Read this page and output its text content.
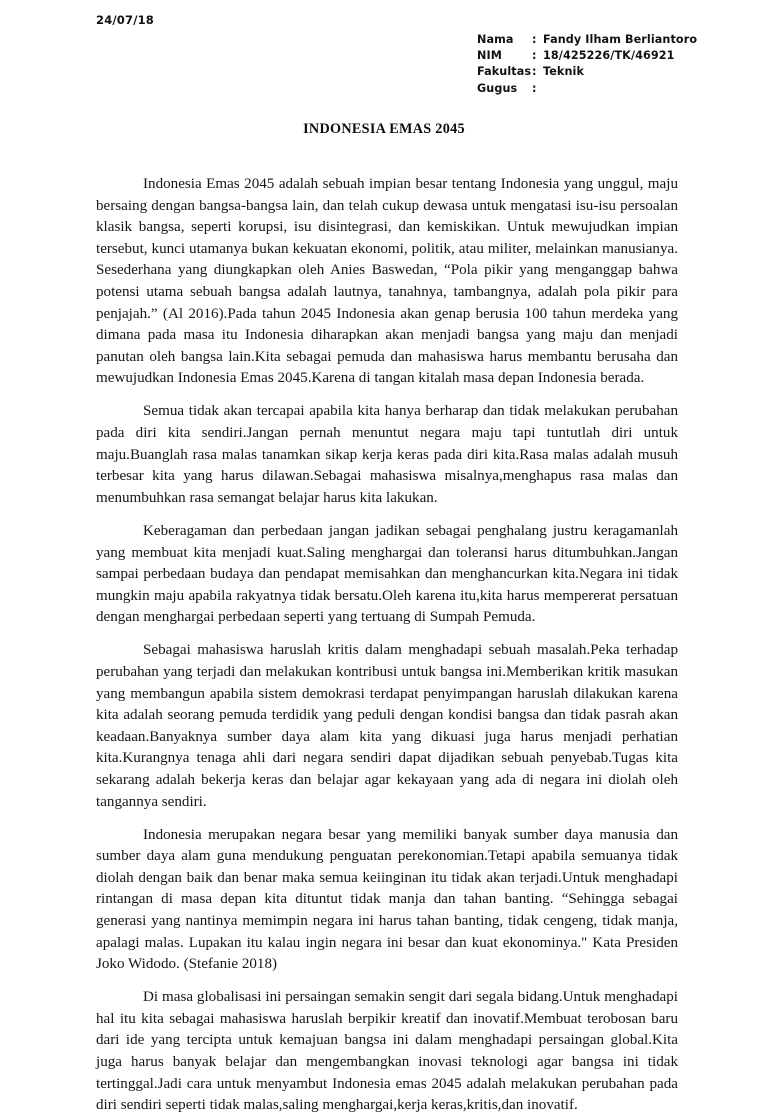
24/07/18
Nama	: Fandy Ilham Berliantoro
NIM	: 18/425226/TK/46921
Fakultas : Teknik
Gugus	:
INDONESIA EMAS 2045

Indonesia Emas 2045 adalah sebuah impian besar tentang Indonesia yang unggul, maju bersaing dengan bangsa-bangsa lain, dan telah cukup dewasa untuk mengatasi isu-isu persoalan klasik bangsa, seperti korupsi, isu disintegrasi, dan kemiskikan. Untuk mewujudkan impian tersebut, kunci utamanya bukan kekuatan ekonomi, politik, atau militer, melainkan manusianya. Sesederhana yang diungkapkan oleh Anies Baswedan, “Pola pikir yang menganggap bahwa potensi utama sebuah bangsa adalah lautnya, tanahnya, tambangnya, adalah pola pikir para penjajah.” (Al 2016).Pada tahun 2045 Indonesia akan genap berusia 100 tahun merdeka yang dimana pada masa itu Indonesia diharapkan akan menjadi bangsa yang maju dan menjadi panutan oleh bangsa lain.Kita sebagai pemuda dan mahasiswa harus membantu berusaha dan mewujudkan Indonesia Emas 2045.Karena di tangan kitalah masa depan Indonesia berada.

Semua tidak akan tercapai apabila kita hanya berharap dan tidak melakukan perubahan pada diri kita sendiri.Jangan pernah menuntut negara maju tapi tuntutlah diri untuk maju.Buanglah rasa malas tanamkan sikap kerja keras pada diri kita.Rasa malas adalah musuh terbesar kita yang harus dilawan.Sebagai mahasiswa misalnya,menghapus rasa malas dan menumbuhkan rasa semangat belajar harus kita lakukan.

Keberagaman dan perbedaan jangan jadikan sebagai penghalang justru keragamanlah yang membuat kita menjadi kuat.Saling menghargai dan toleransi harus ditumbuhkan.Jangan sampai perbedaan budaya dan pendapat memisahkan dan menghancurkan kita.Negara ini tidak mungkin maju apabila rakyatnya tidak bersatu.Oleh karena itu,kita harus mempererat persatuan dengan menghargai perbedaan seperti yang tertuang di Sumpah Pemuda.

Sebagai mahasiswa haruslah kritis dalam menghadapi sebuah masalah.Peka terhadap perubahan yang terjadi dan melakukan kontribusi untuk bangsa ini.Memberikan kritik masukan yang membangun apabila sistem demokrasi terdapat penyimpangan haruslah dilakukan karena kita adalah seorang pemuda terdidik yang peduli dengan kondisi bangsa dan tidak pasrah akan keadaan.Banyaknya sumber daya alam kita yang dikuasi juga harus menjadi perhatian kita.Kurangnya tenaga ahli dari negara sendiri dapat dijadikan sebuah penyebab.Tugas kita sekarang adalah bekerja keras dan belajar agar kekayaan yang ada di negara ini diolah oleh tangannya sendiri.

Indonesia merupakan negara besar yang memiliki banyak sumber daya manusia dan sumber daya alam guna mendukung penguatan perekonomian.Tetapi apabila semuanya tidak diolah dengan baik dan benar maka semua keiinginan itu tidak akan terjadi.Untuk menghadapi rintangan di masa depan kita dituntut tidak manja dan tahan banting. “Sehingga sebagai generasi yang nantinya memimpin negara ini harus tahan banting, tidak cengeng, tidak manja, apalagi malas. Lupakan itu kalau ingin negara ini besar dan kuat ekonominya." Kata Presiden Joko Widodo. (Stefanie 2018)

Di masa globalisasi ini persaingan semakin sengit dari segala bidang.Untuk menghadapi hal itu kita sebagai mahasiswa haruslah berpikir kreatif dan inovatif.Membuat terobosan baru dari ide yang tercipta untuk kemajuan bangsa ini dalam menghadapi persaingan global.Kita juga harus banyak belajar dan mengembangkan inovasi teknologi agar bangsa ini tidak tertinggal.Jadi cara untuk menyambut Indonesia emas 2045 adalah melakukan perubahan pada diri sendiri seperti tidak malas,saling menghargai,kerja keras,kritis,dan inovatif.
